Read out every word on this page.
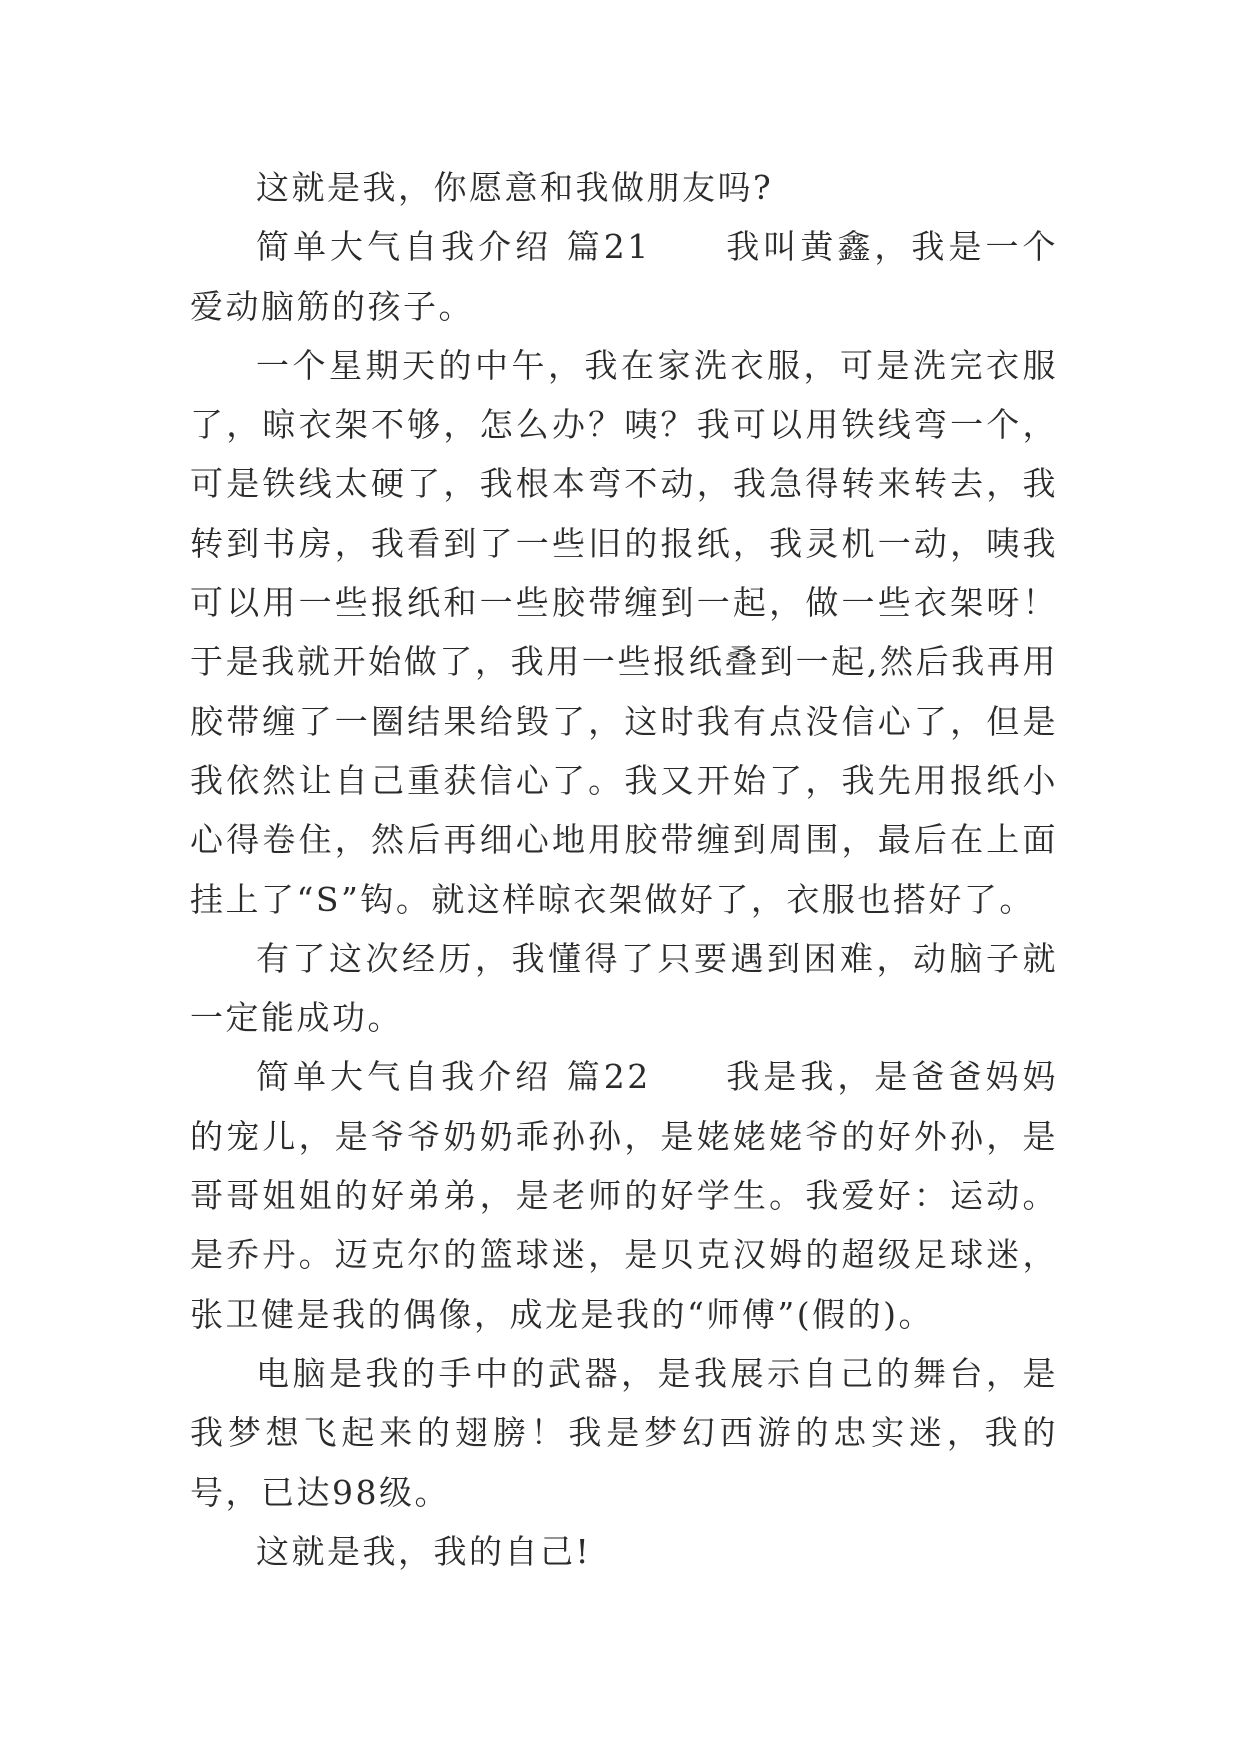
这就是我，你愿意和我做朋友吗?

简单大气自我介绍 篇21　　我叫黄鑫，我是一个爱动脑筋的孩子。

一个星期天的中午，我在家洗衣服，可是洗完衣服了，晾衣架不够，怎么办？咦？我可以用铁线弯一个，可是铁线太硬了，我根本弯不动，我急得转来转去，我转到书房，我看到了一些旧的报纸，我灵机一动，咦我可以用一些报纸和一些胶带缠到一起，做一些衣架呀！于是我就开始做了，我用一些报纸叠到一起,然后我再用胶带缠了一圈结果给毁了，这时我有点没信心了，但是我依然让自己重获信心了。我又开始了，我先用报纸小心得卷住，然后再细心地用胶带缠到周围，最后在上面挂上了“S”钩。就这样晾衣架做好了，衣服也搭好了。

有了这次经历，我懂得了只要遇到困难，动脑子就一定能成功。

简单大气自我介绍 篇22　　我是我，是爸爸妈妈的宠儿，是爷爷奶奶乖孙孙，是姥姥姥爷的好外孙，是哥哥姐姐的好弟弟，是老师的好学生。我爱好：运动。是乔丹。迈克尔的篮球迷，是贝克汉姆的超级足球迷，张卫健是我的偶像，成龙是我的“师傅”(假的)。

电脑是我的手中的武器，是我展示自己的舞台，是我梦想飞起来的翅膀！我是梦幻西游的忠实迷，我的号，已达98级。

这就是我，我的自己!
